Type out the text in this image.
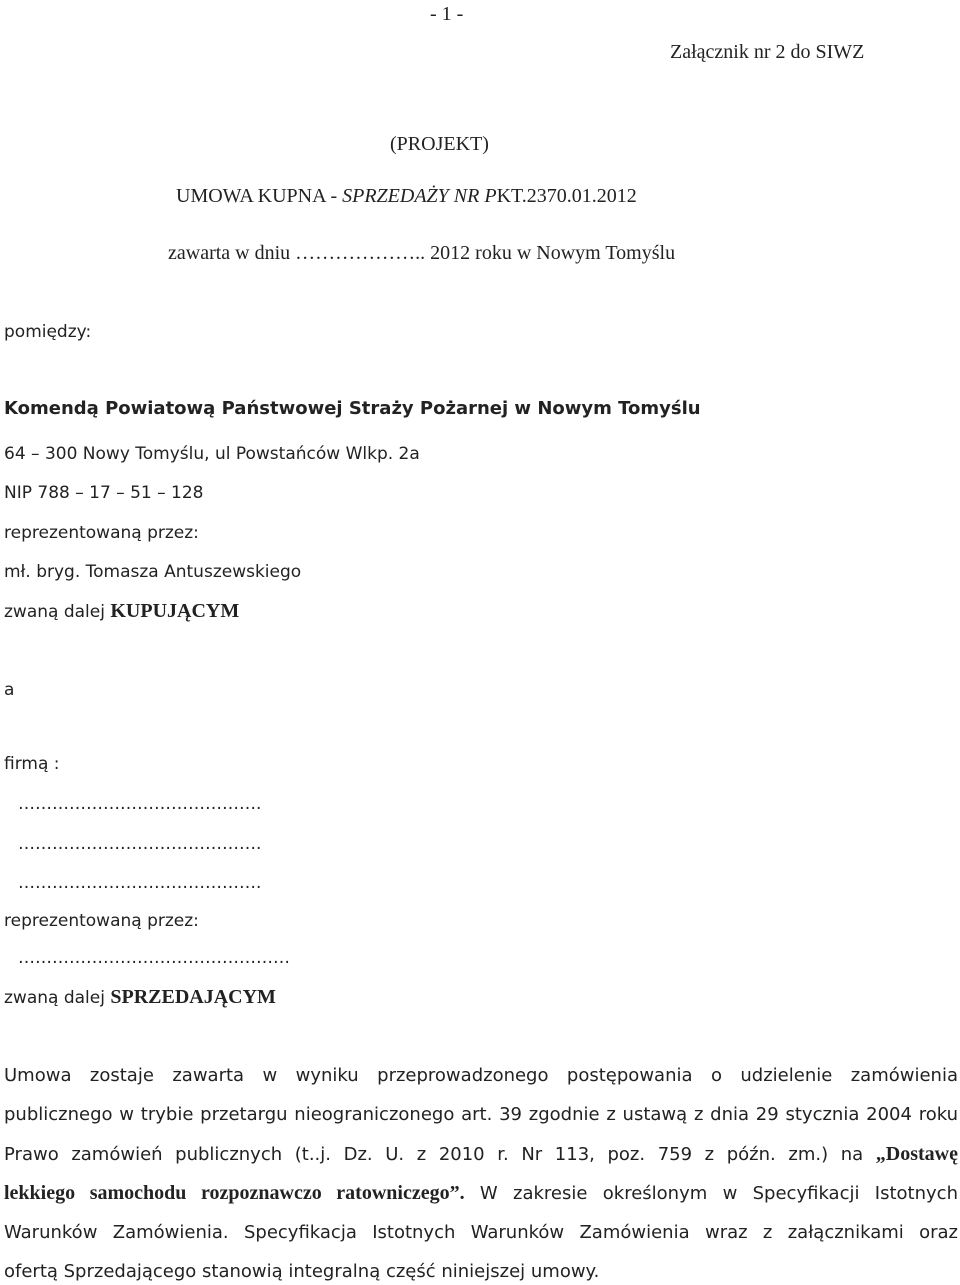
- 1 -

Załącznik nr 2 do SIWZ

(PROJEKT)

UMOWA KUPNA - SPRZEDAŻY NR PKT.2370.01.2012

zawarta w dniu ……………….. 2012 roku w Nowym Tomyślu

pomiędzy:

Komendą Powiatową Państwowej Straży Pożarnej w Nowym Tomyślu

64 – 300 Nowy Tomyślu, ul Powstańców Wlkp. 2a

NIP 788 – 17 – 51 – 128

reprezentowaną przez:

mł. bryg. Tomasza Antuszewskiego

zwaną dalej KUPUJĄCYM

a

firmą :

…………………………………….

…………………………………….

…………………………………….

reprezentowaną przez:

…………………………………………

zwaną dalej SPRZEDAJĄCYM

Umowa zostaje zawarta w wyniku przeprowadzonego postępowania o udzielenie zamówienia

publicznego w trybie przetargu nieograniczonego art. 39 zgodnie z ustawą z dnia 29 stycznia 2004 roku

Prawo zamówień publicznych (t..j. Dz. U. z 2010 r. Nr 113, poz. 759 z późn. zm.) na „Dostawę

lekkiego samochodu rozpoznawczo ratowniczego”. W zakresie określonym w Specyfikacji Istotnych

Warunków Zamówienia. Specyfikacja Istotnych Warunków Zamówienia wraz z załącznikami oraz

ofertą Sprzedającego stanowią integralną część niniejszej umowy.
